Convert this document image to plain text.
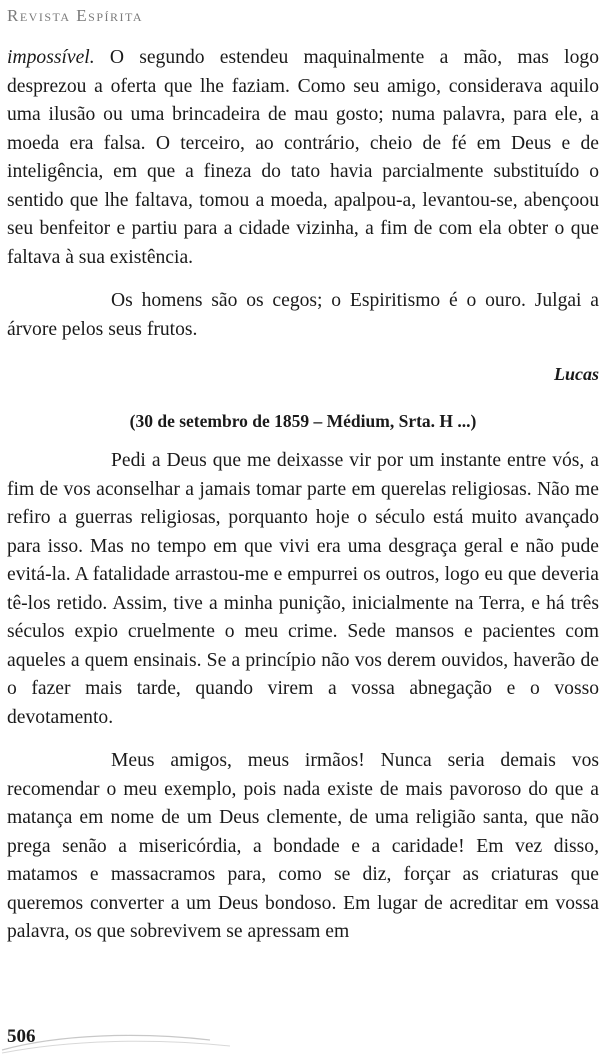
Revista Espírita

impossível. O segundo estendeu maquinalmente a mão, mas logo desprezou a oferta que lhe faziam. Como seu amigo, considerava aquilo uma ilusão ou uma brincadeira de mau gosto; numa palavra, para ele, a moeda era falsa. O terceiro, ao contrário, cheio de fé em Deus e de inteligência, em que a fineza do tato havia parcialmente substituído o sentido que lhe faltava, tomou a moeda, apalpou-a, levantou-se, abençoou seu benfeitor e partiu para a cidade vizinha, a fim de com ela obter o que faltava à sua existência.

Os homens são os cegos; o Espiritismo é o ouro. Julgai a árvore pelos seus frutos.

Lucas

(30 de setembro de 1859 – Médium, Srta. H ...)

Pedi a Deus que me deixasse vir por um instante entre vós, a fim de vos aconselhar a jamais tomar parte em querelas religiosas. Não me refiro a guerras religiosas, porquanto hoje o século está muito avançado para isso. Mas no tempo em que vivi era uma desgraça geral e não pude evitá-la. A fatalidade arrastou-me e empurrei os outros, logo eu que deveria tê-los retido. Assim, tive a minha punição, inicialmente na Terra, e há três séculos expio cruelmente o meu crime. Sede mansos e pacientes com aqueles a quem ensinais. Se a princípio não vos derem ouvidos, haverão de o fazer mais tarde, quando virem a vossa abnegação e o vosso devotamento.

Meus amigos, meus irmãos! Nunca seria demais vos recomendar o meu exemplo, pois nada existe de mais pavoroso do que a matança em nome de um Deus clemente, de uma religião santa, que não prega senão a misericórdia, a bondade e a caridade! Em vez disso, matamos e massacramos para, como se diz, forçar as criaturas que queremos converter a um Deus bondoso. Em lugar de acreditar em vossa palavra, os que sobrevivem se apressam em

506
